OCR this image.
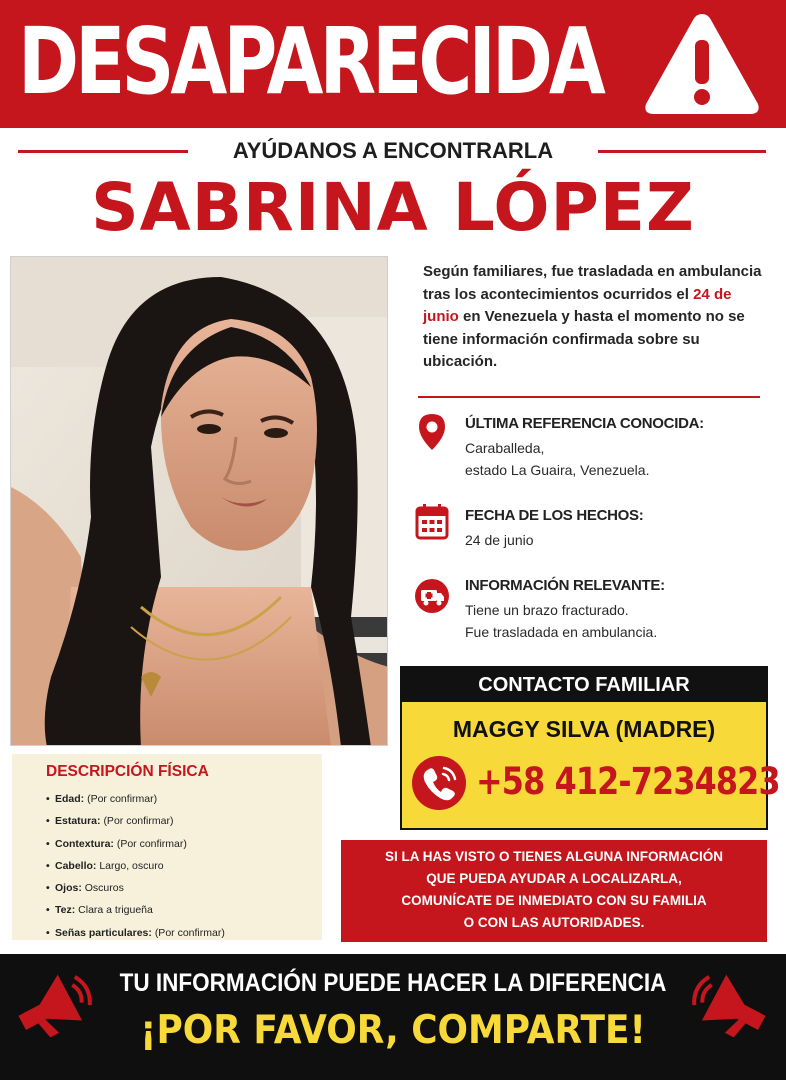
DESAPARECIDA
AYÚDANOS A ENCONTRARLA
SABRINA LÓPEZ
Según familiares, fue trasladada en ambulancia tras los acontecimientos ocurridos el 24 de junio en Venezuela y hasta el momento no se tiene información confirmada sobre su ubicación.
ÚLTIMA REFERENCIA CONOCIDA:
Caraballeda,
estado La Guaira, Venezuela.
FECHA DE LOS HECHOS:
24 de junio
INFORMACIÓN RELEVANTE:
Tiene un brazo fracturado.
Fue trasladada en ambulancia.
CONTACTO FAMILIAR
MAGGY SILVA (MADRE)
+58 412-7234823
DESCRIPCIÓN FÍSICA
• Edad: (Por confirmar)
• Estatura: (Por confirmar)
• Contextura: (Por confirmar)
• Cabello: Largo, oscuro
• Ojos: Oscuros
• Tez: Clara a trigueña
• Señas particulares: (Por confirmar)
SI LA HAS VISTO O TIENES ALGUNA INFORMACIÓN
QUE PUEDA AYUDAR A LOCALIZARLA,
COMUNÍCATE DE INMEDIATO CON SU FAMILIA
O CON LAS AUTORIDADES.
TU INFORMACIÓN PUEDE HACER LA DIFERENCIA
¡POR FAVOR, COMPARTE!
